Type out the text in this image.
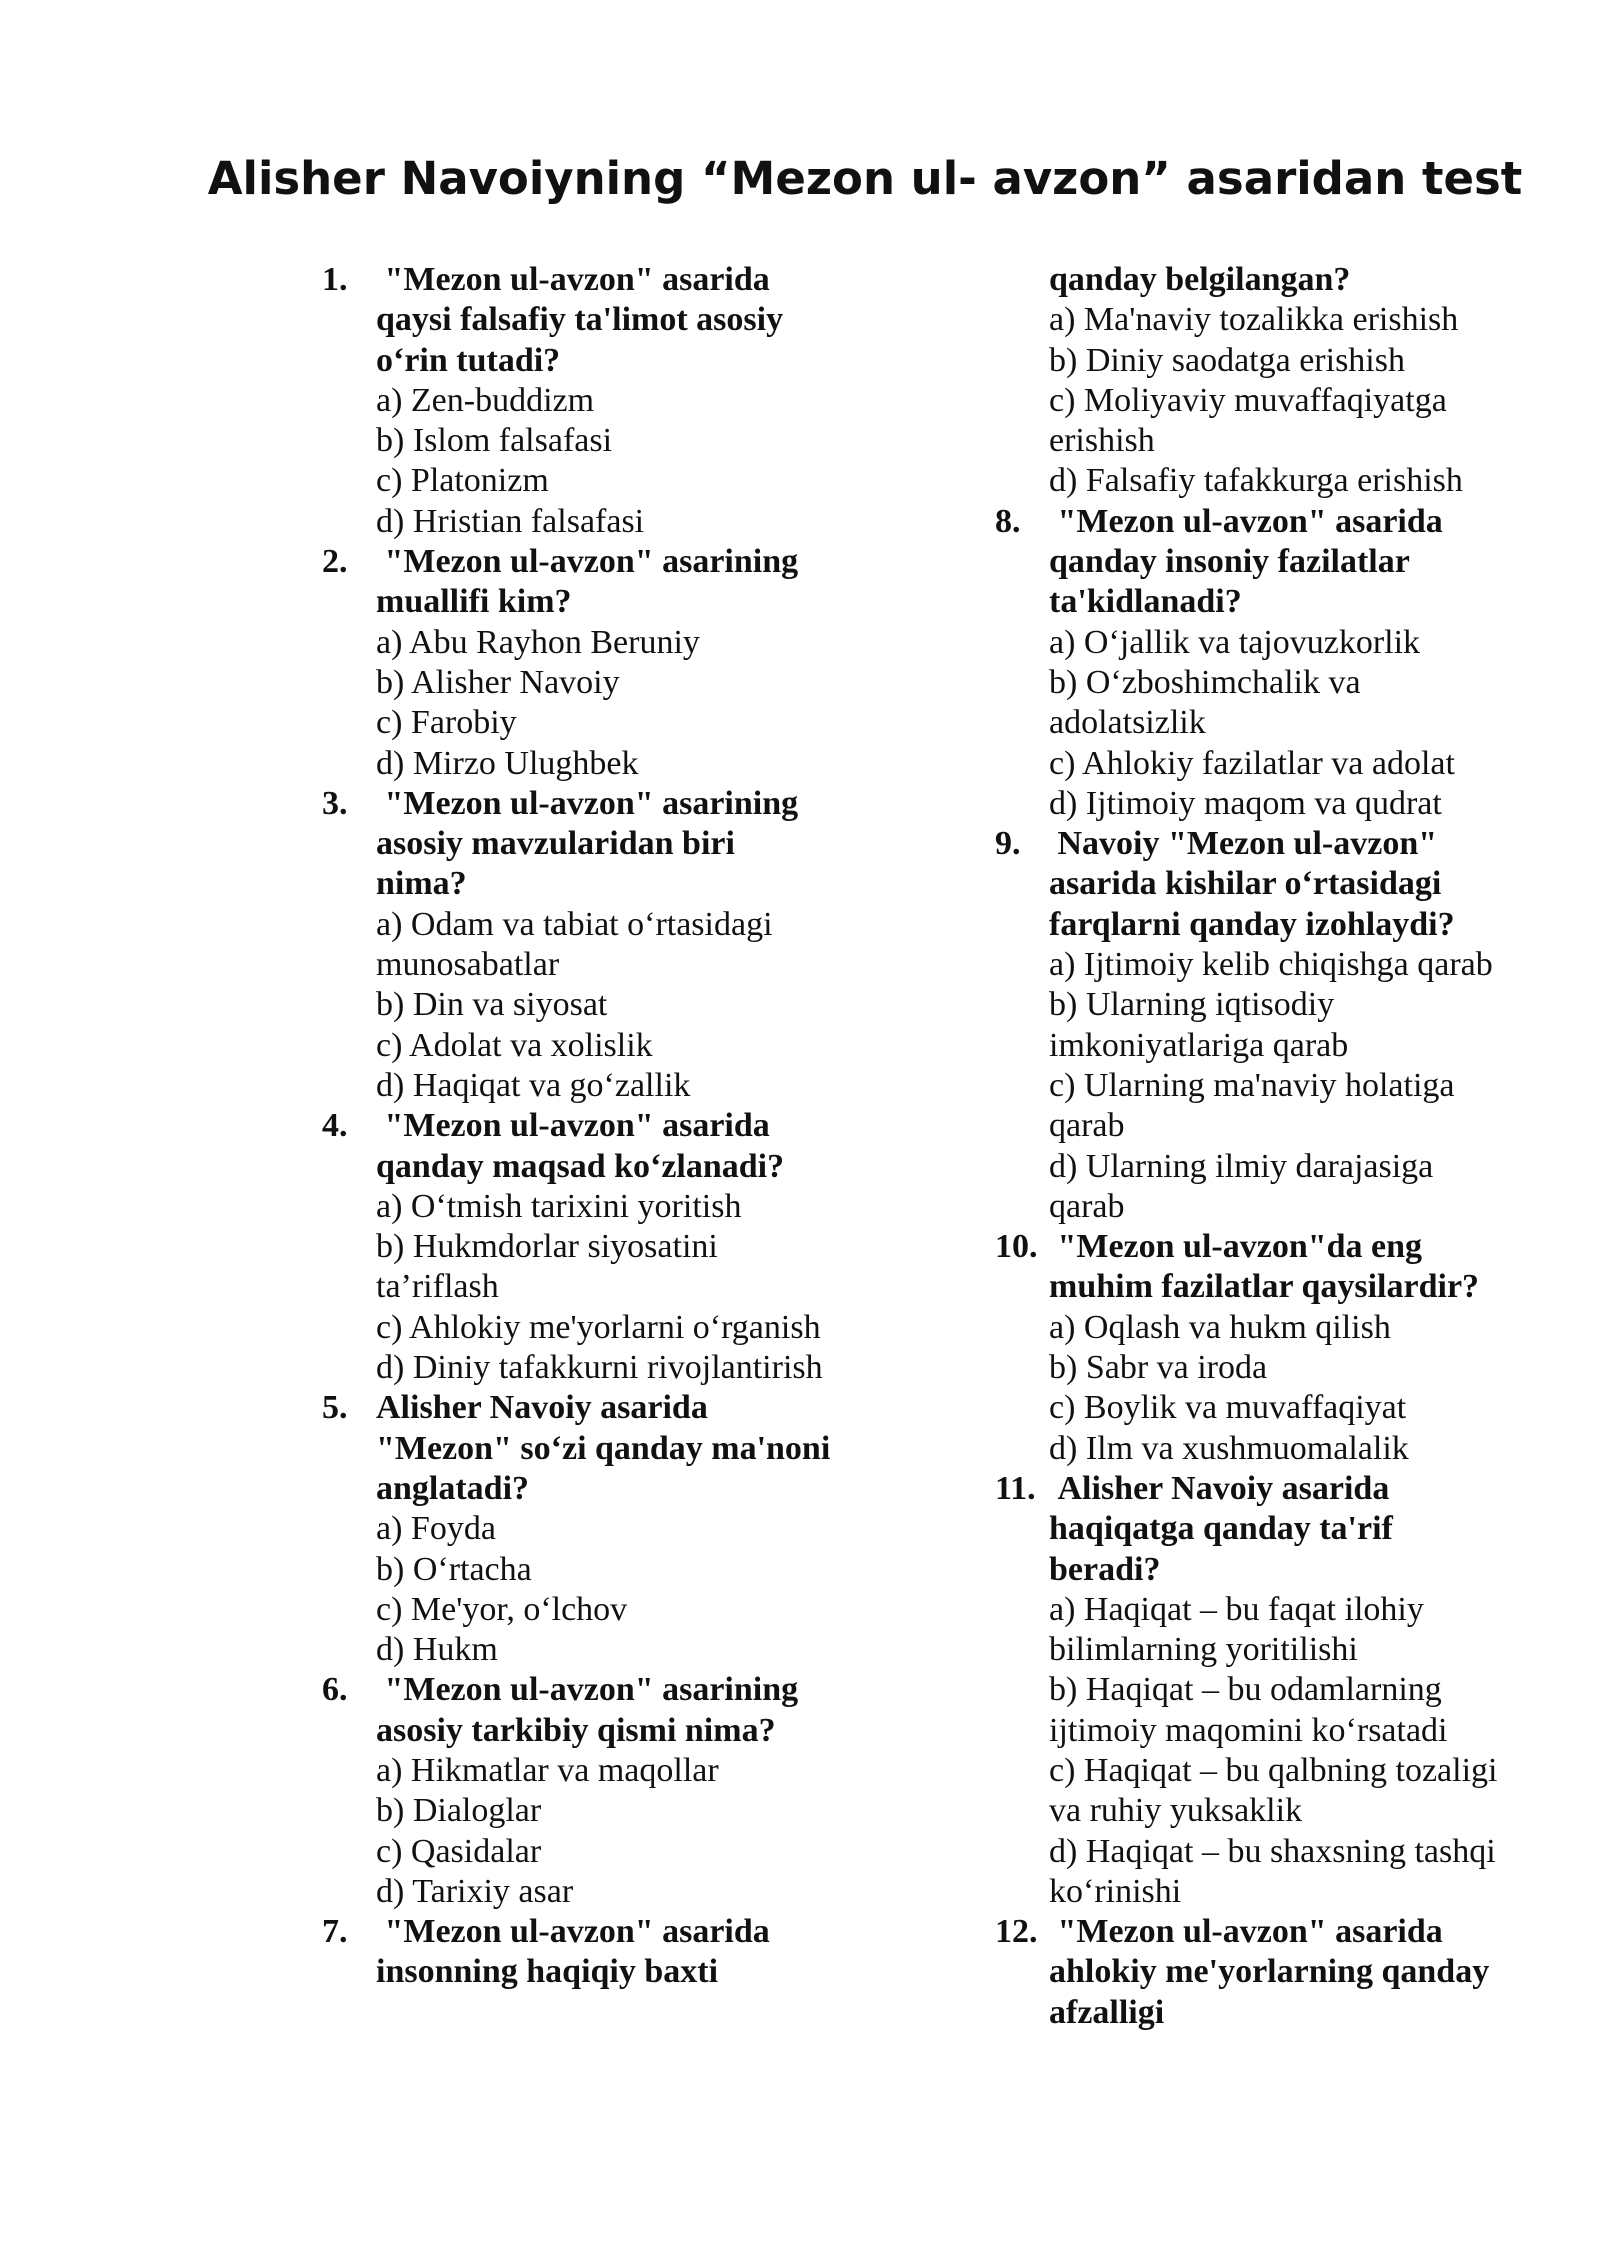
Alisher Navoiyning “Mezon ul- avzon” asaridan test
1. "Mezon ul-avzon" asarida qaysi falsafiy ta'limot asosiy o‘rin tutadi?
a) Zen-buddizm
b) Islom falsafasi
c) Platonizm
d) Hristian falsafasi
2. "Mezon ul-avzon" asarining muallifi kim?
a) Abu Rayhon Beruniy
b) Alisher Navoiy
c) Farobiy
d) Mirzo Ulughbek
3. "Mezon ul-avzon" asarining asosiy mavzularidan biri nima?
a) Odam va tabiat o‘rtasidagi munosabatlar
b) Din va siyosat
c) Adolat va xolislik
d) Haqiqat va go‘zallik
4. "Mezon ul-avzon" asarida qanday maqsad ko‘zlanadi?
a) O‘tmish tarixini yoritish
b) Hukmdorlar siyosatini ta’riflash
c) Ahlokiy me'yorlarni o‘rganish
d) Diniy tafakkurni rivojlantirish
5. Alisher Navoiy asarida "Mezon" so‘zi qanday ma'noni anglatadi?
a) Foyda
b) O‘rtacha
c) Me'yor, o‘lchov
d) Hukm
6. "Mezon ul-avzon" asarining asosiy tarkibiy qismi nima?
a) Hikmatlar va maqollar
b) Dialoglar
c) Qasidalar
d) Tarixiy asar
7. "Mezon ul-avzon" asarida insonning haqiqiy baxti
qanday belgilangan?
a) Ma'naviy tozalikka erishish
b) Diniy saodatga erishish
c) Moliyaviy muvaffaqiyatga erishish
d) Falsafiy tafakkurga erishish
8. "Mezon ul-avzon" asarida qanday insoniy fazilatlar ta'kidlanadi?
a) O‘jallik va tajovuzkorlik
b) O‘zboshimchalik va adolatsizlik
c) Ahlokiy fazilatlar va adolat
d) Ijtimoiy maqom va qudrat
9. Navoiy "Mezon ul-avzon" asarida kishilar o‘rtasidagi farqlarni qanday izohlaydi?
a) Ijtimoiy kelib chiqishga qarab
b) Ularning iqtisodiy imkoniyatlariga qarab
c) Ularning ma'naviy holatiga qarab
d) Ularning ilmiy darajasiga qarab
10. "Mezon ul-avzon"da eng muhim fazilatlar qaysilardir?
a) Oqlash va hukm qilish
b) Sabr va iroda
c) Boylik va muvaffaqiyat
d) Ilm va xushmuomalalik
11. Alisher Navoiy asarida haqiqatga qanday ta'rif beradi?
a) Haqiqat – bu faqat ilohiy bilimlarning yoritilishi
b) Haqiqat – bu odamlarning ijtimoiy maqomini ko‘rsatadi
c) Haqiqat – bu qalbning tozaligi va ruhiy yuksaklik
d) Haqiqat – bu shaxsning tashqi ko‘rinishi
12. "Mezon ul-avzon" asarida ahlokiy me'yorlarning qanday afzalligi
